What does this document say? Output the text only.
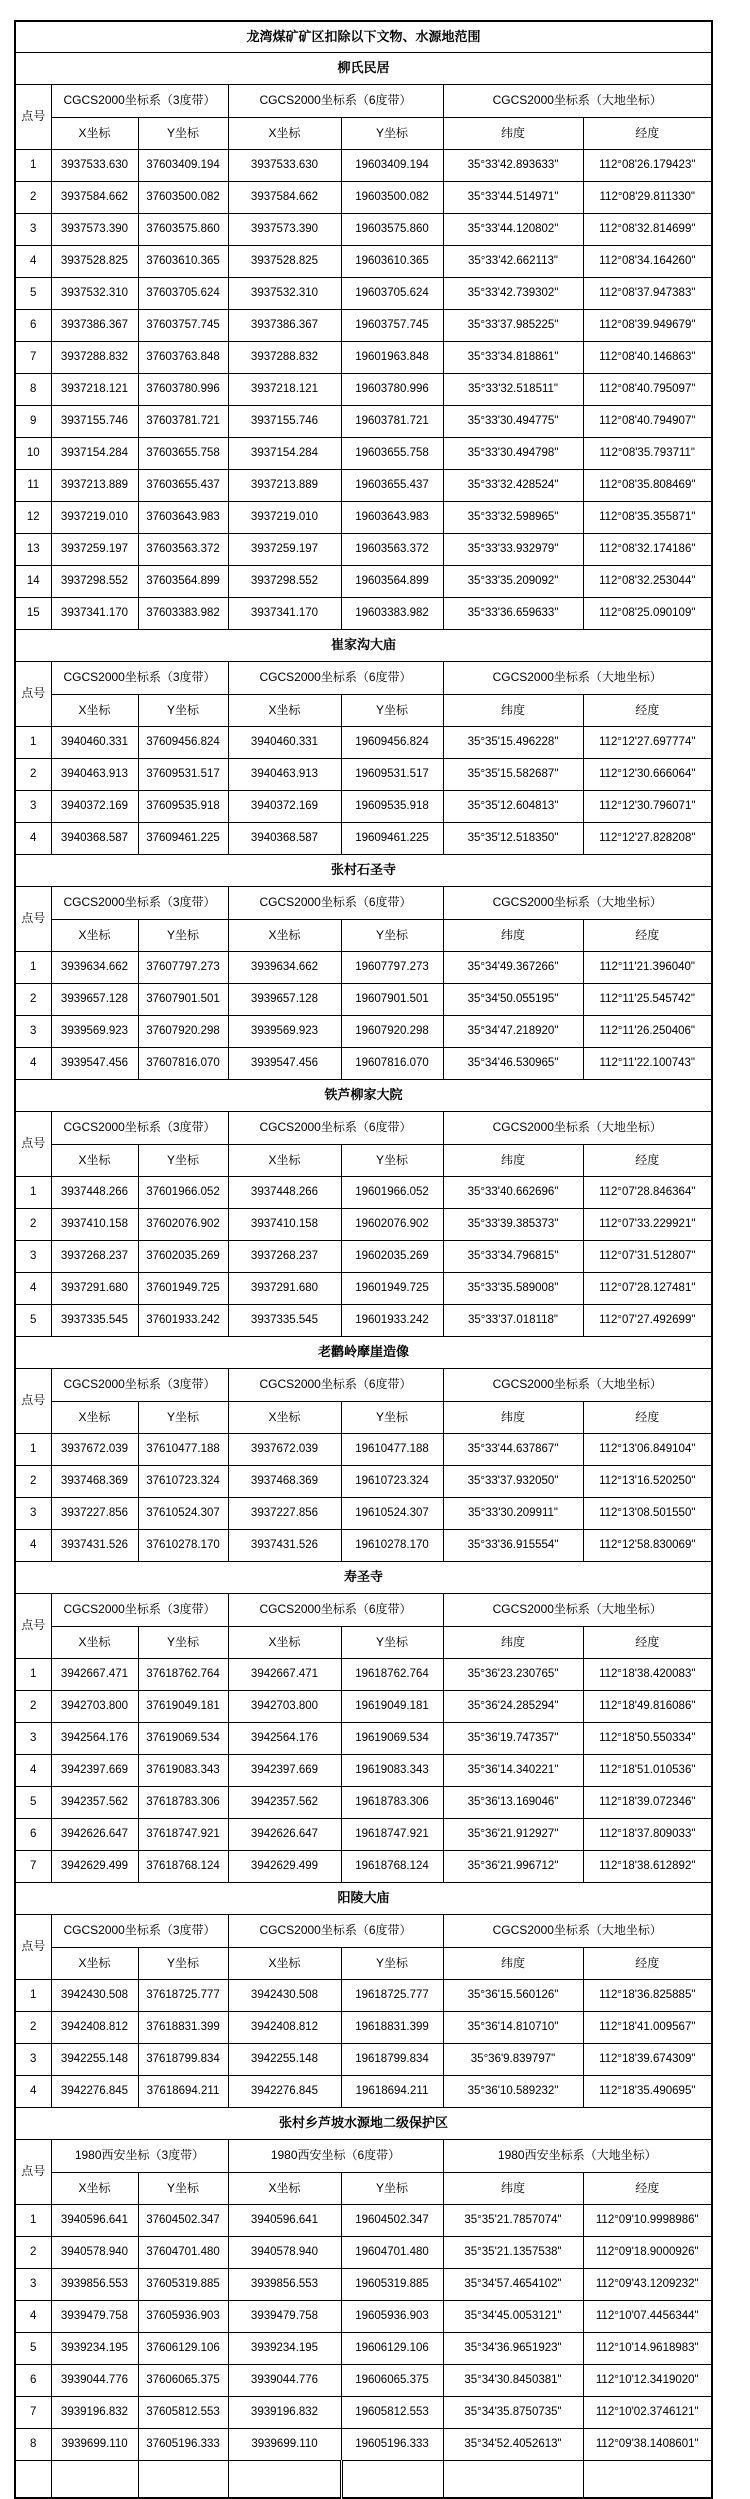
龙湾煤矿矿区扣除以下文物、水源地范围						
柳氏民居						
点号	CGCS2000坐标系（3度带）		CGCS2000坐标系（6度带）		CGCS2000坐标系（大地坐标）	
	X坐标	Y坐标	X坐标	Y坐标	纬度	经度
1	3937533.630	37603409.194	3937533.630	19603409.194	35°33'42.893633"	112°08'26.179423"
2	3937584.662	37603500.082	3937584.662	19603500.082	35°33'44.514971"	112°08'29.811330"
3	3937573.390	37603575.860	3937573.390	19603575.860	35°33'44.120802"	112°08'32.814699"
4	3937528.825	37603610.365	3937528.825	19603610.365	35°33'42.662113"	112°08'34.164260"
5	3937532.310	37603705.624	3937532.310	19603705.624	35°33'42.739302"	112°08'37.947383"
6	3937386.367	37603757.745	3937386.367	19603757.745	35°33'37.985225"	112°08'39.949679"
7	3937288.832	37603763.848	3937288.832	19601963.848	35°33'34.818861"	112°08'40.146863"
8	3937218.121	37603780.996	3937218.121	19603780.996	35°33'32.518511"	112°08'40.795097"
9	3937155.746	37603781.721	3937155.746	19603781.721	35°33'30.494775"	112°08'40.794907"
10	3937154.284	37603655.758	3937154.284	19603655.758	35°33'30.494798"	112°08'35.793711"
11	3937213.889	37603655.437	3937213.889	19603655.437	35°33'32.428524"	112°08'35.808469"
12	3937219.010	37603643.983	3937219.010	19603643.983	35°33'32.598965"	112°08'35.355871"
13	3937259.197	37603563.372	3937259.197	19603563.372	35°33'33.932979"	112°08'32.174186"
14	3937298.552	37603564.899	3937298.552	19603564.899	35°33'35.209092"	112°08'32.253044"
15	3937341.170	37603383.982	3937341.170	19603383.982	35°33'36.659633"	112°08'25.090109"
崔家沟大庙						
点号	CGCS2000坐标系（3度带）		CGCS2000坐标系（6度带）		CGCS2000坐标系（大地坐标）	
	X坐标	Y坐标	X坐标	Y坐标	纬度	经度
1	3940460.331	37609456.824	3940460.331	19609456.824	35°35'15.496228"	112°12'27.697774"
2	3940463.913	37609531.517	3940463.913	19609531.517	35°35'15.582687"	112°12'30.666064"
3	3940372.169	37609535.918	3940372.169	19609535.918	35°35'12.604813"	112°12'30.796071"
4	3940368.587	37609461.225	3940368.587	19609461.225	35°35'12.518350"	112°12'27.828208"
张村石圣寺						
点号	CGCS2000坐标系（3度带）		CGCS2000坐标系（6度带）		CGCS2000坐标系（大地坐标）	
	X坐标	Y坐标	X坐标	Y坐标	纬度	经度
1	3939634.662	37607797.273	3939634.662	19607797.273	35°34'49.367266"	112°11'21.396040"
2	3939657.128	37607901.501	3939657.128	19607901.501	35°34'50.055195"	112°11'25.545742"
3	3939569.923	37607920.298	3939569.923	19607920.298	35°34'47.218920"	112°11'26.250406"
4	3939547.456	37607816.070	3939547.456	19607816.070	35°34'46.530965"	112°11'22.100743"
铁芦柳家大院						
点号	CGCS2000坐标系（3度带）		CGCS2000坐标系（6度带）		CGCS2000坐标系（大地坐标）	
	X坐标	Y坐标	X坐标	Y坐标	纬度	经度
1	3937448.266	37601966.052	3937448.266	19601966.052	35°33'40.662696"	112°07'28.846364"
2	3937410.158	37602076.902	3937410.158	19602076.902	35°33'39.385373"	112°07'33.229921"
3	3937268.237	37602035.269	3937268.237	19602035.269	35°33'34.796815"	112°07'31.512807"
4	3937291.680	37601949.725	3937291.680	19601949.725	35°33'35.589008"	112°07'28.127481"
5	3937335.545	37601933.242	3937335.545	19601933.242	35°33'37.018118"	112°07'27.492699"
老鹳岭摩崖造像						
点号	CGCS2000坐标系（3度带）		CGCS2000坐标系（6度带）		CGCS2000坐标系（大地坐标）	
	X坐标	Y坐标	X坐标	Y坐标	纬度	经度
1	3937672.039	37610477.188	3937672.039	19610477.188	35°33'44.637867"	112°13'06.849104"
2	3937468.369	37610723.324	3937468.369	19610723.324	35°33'37.932050"	112°13'16.520250"
3	3937227.856	37610524.307	3937227.856	19610524.307	35°33'30.209911"	112°13'08.501550"
4	3937431.526	37610278.170	3937431.526	19610278.170	35°33'36.915554"	112°12'58.830069"
寿圣寺						
点号	CGCS2000坐标系（3度带）		CGCS2000坐标系（6度带）		CGCS2000坐标系（大地坐标）	
	X坐标	Y坐标	X坐标	Y坐标	纬度	经度
1	3942667.471	37618762.764	3942667.471	19618762.764	35°36'23.230765"	112°18'38.420083"
2	3942703.800	37619049.181	3942703.800	19619049.181	35°36'24.285294"	112°18'49.816086"
3	3942564.176	37619069.534	3942564.176	19619069.534	35°36'19.747357"	112°18'50.550334"
4	3942397.669	37619083.343	3942397.669	19619083.343	35°36'14.340221"	112°18'51.010536"
5	3942357.562	37618783.306	3942357.562	19618783.306	35°36'13.169046"	112°18'39.072346"
6	3942626.647	37618747.921	3942626.647	19618747.921	35°36'21.912927"	112°18'37.809033"
7	3942629.499	37618768.124	3942629.499	19618768.124	35°36'21.996712"	112°18'38.612892"
阳陵大庙						
点号	CGCS2000坐标系（3度带）		CGCS2000坐标系（6度带）		CGCS2000坐标系（大地坐标）	
	X坐标	Y坐标	X坐标	Y坐标	纬度	经度
1	3942430.508	37618725.777	3942430.508	19618725.777	35°36'15.560126"	112°18'36.825885"
2	3942408.812	37618831.399	3942408.812	19618831.399	35°36'14.810710"	112°18'41.009567"
3	3942255.148	37618799.834	3942255.148	19618799.834	35°36'9.839797"	112°18'39.674309"
4	3942276.845	37618694.211	3942276.845	19618694.211	35°36'10.589232"	112°18'35.490695"
张村乡芦坡水源地二级保护区						
点号	1980西安坐标（3度带）		1980西安坐标（6度带）		1980西安坐标系（大地坐标）	
	X坐标	Y坐标	X坐标	Y坐标	纬度	经度
1	3940596.641	37604502.347	3940596.641	19604502.347	35°35'21.7857074"	112°09'10.9998986"
2	3940578.940	37604701.480	3940578.940	19604701.480	35°35'21.1357538"	112°09'18.9000926"
3	3939856.553	37605319.885	3939856.553	19605319.885	35°34'57.4654102"	112°09'43.1209232"
4	3939479.758	37605936.903	3939479.758	19605936.903	35°34'45.0053121"	112°10'07.4456344"
5	3939234.195	37606129.106	3939234.195	19606129.106	35°34'36.9651923"	112°10'14.9618983"
6	3939044.776	37606065.375	3939044.776	19606065.375	35°34'30.8450381"	112°10'12.3419020"
7	3939196.832	37605812.553	3939196.832	19605812.553	35°34'35.8750735"	112°10'02.3746121"
8	3939699.110	37605196.333	3939699.110	19605196.333	35°34'52.4052613"	112°09'38.1408601"
